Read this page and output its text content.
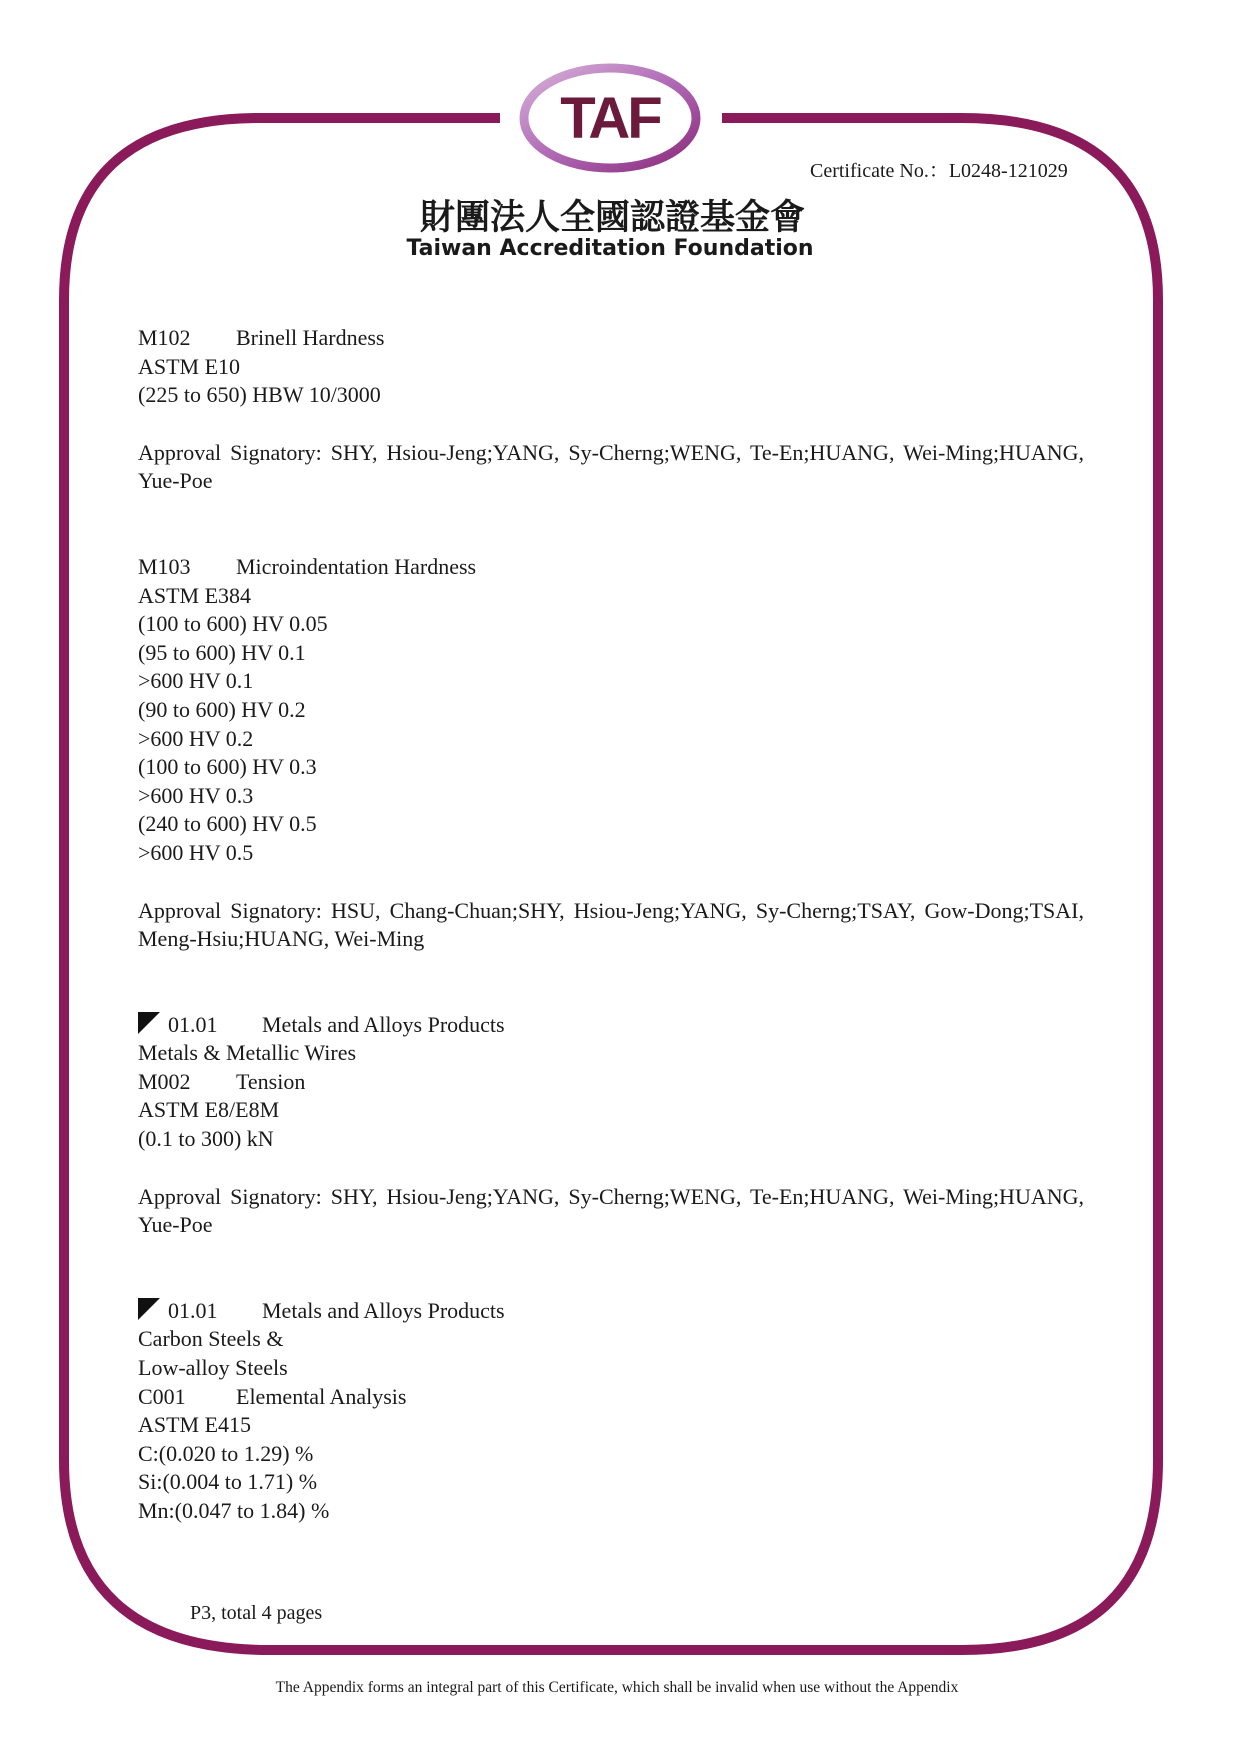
TAF
Certificate No.：L0248-121029
財團法人全國認證基金會
Taiwan Accreditation Foundation
M102 Brinell Hardness
ASTM E10
(225 to 650) HBW 10/3000
Approval Signatory: SHY, Hsiou-Jeng;YANG, Sy-Cherng;WENG, Te-En;HUANG, Wei-Ming;HUANG, Yue-Poe
M103 Microindentation Hardness
ASTM E384
(100 to 600) HV 0.05
(95 to 600) HV 0.1
>600 HV 0.1
(90 to 600) HV 0.2
>600 HV 0.2
(100 to 600) HV 0.3
>600 HV 0.3
(240 to 600) HV 0.5
>600 HV 0.5
Approval Signatory: HSU, Chang-Chuan;SHY, Hsiou-Jeng;YANG, Sy-Cherng;TSAY, Gow-Dong;TSAI, Meng-Hsiu;HUANG, Wei-Ming
01.01 Metals and Alloys Products
Metals & Metallic Wires
M002 Tension
ASTM E8/E8M
(0.1 to 300) kN
Approval Signatory: SHY, Hsiou-Jeng;YANG, Sy-Cherng;WENG, Te-En;HUANG, Wei-Ming;HUANG, Yue-Poe
01.01 Metals and Alloys Products
Carbon Steels &
Low-alloy Steels
C001 Elemental Analysis
ASTM E415
C:(0.020 to 1.29) %
Si:(0.004 to 1.71) %
Mn:(0.047 to 1.84) %
P3, total 4 pages
The Appendix forms an integral part of this Certificate, which shall be invalid when use without the Appendix
